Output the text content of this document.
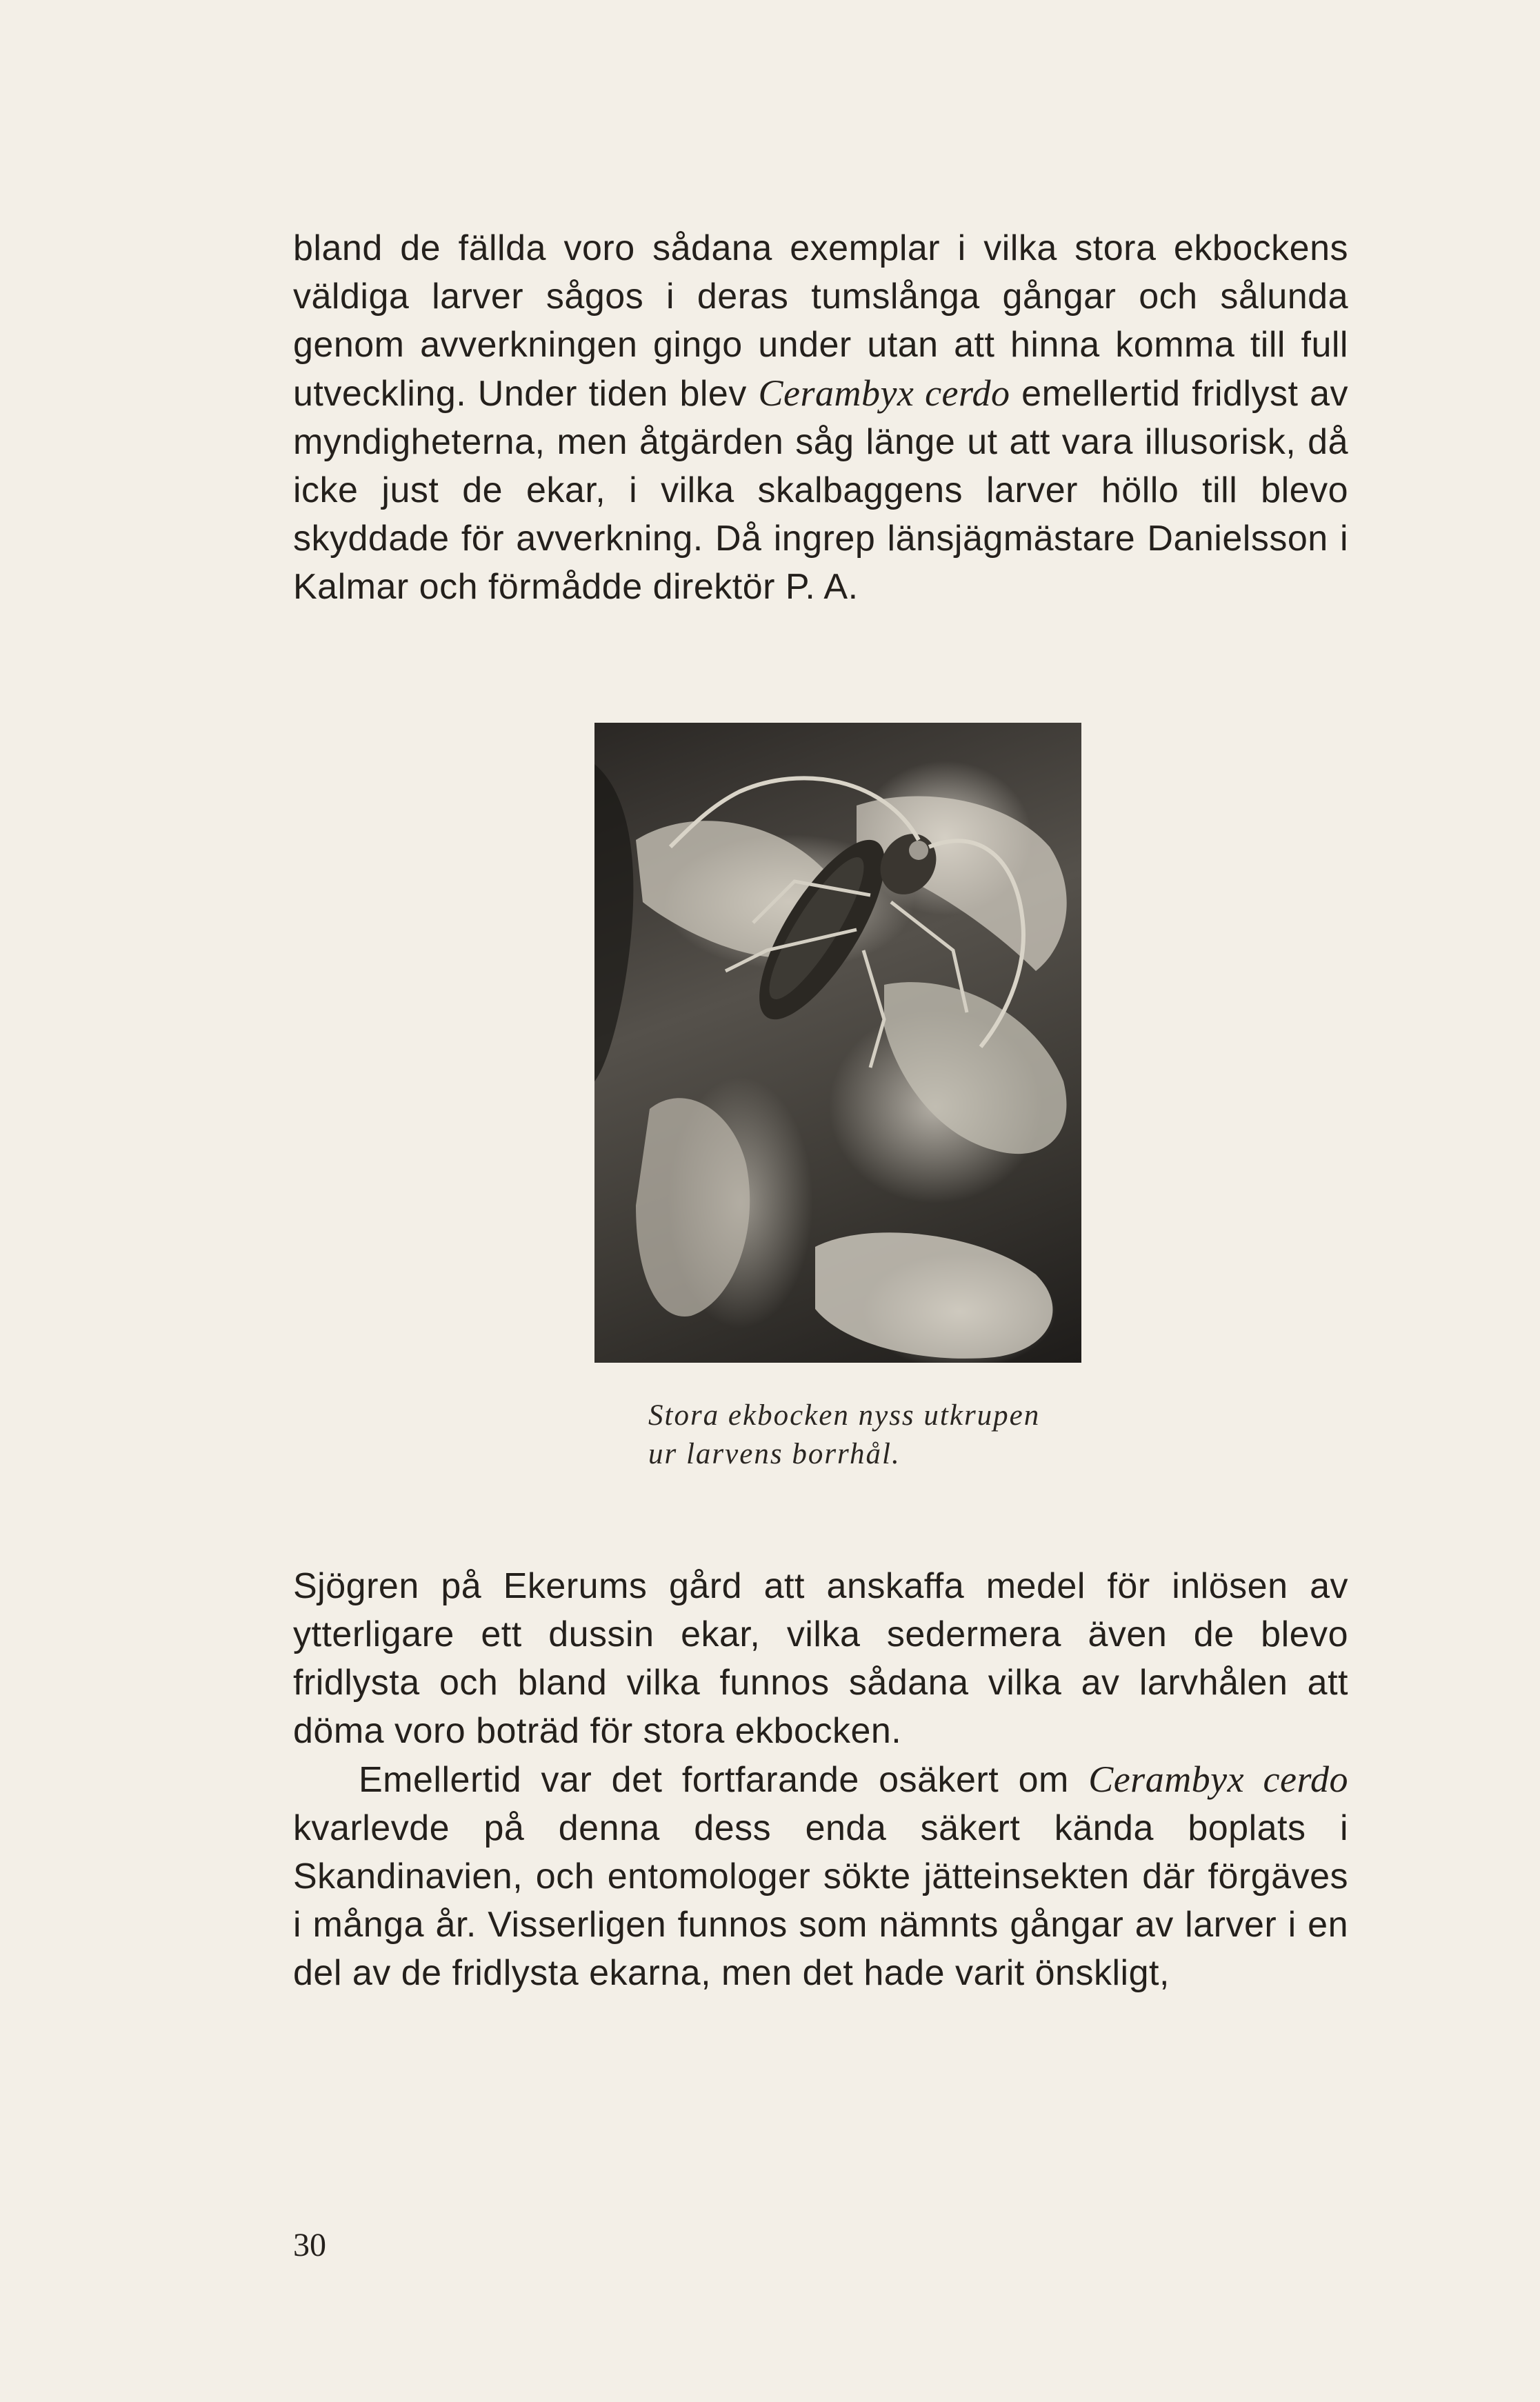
bland de fällda voro sådana exemplar i vilka stora ekbockens väldiga larver sågos i deras tumslånga gångar och sålunda genom avverkningen gingo under utan att hinna komma till full utveckling. Under tiden blev Cerambyx cerdo emellertid fridlyst av myndigheterna, men åtgärden såg länge ut att vara illusorisk, då icke just de ekar, i vilka skalbaggens larver höllo till blevo skyddade för avverkning. Då ingrep länsjägmästare Danielsson i Kalmar och förmådde direktör P. A.

Stora ekbocken nyss utkrupen
ur larvens borrhål.

Sjögren på Ekerums gård att anskaffa medel för inlösen av ytterligare ett dussin ekar, vilka sedermera även de blevo fridlysta och bland vilka funnos sådana vilka av larvhålen att döma voro boträd för stora ekbocken.

Emellertid var det fortfarande osäkert om Cerambyx cerdo kvarlevde på denna dess enda säkert kända boplats i Skandinavien, och entomologer sökte jätteinsekten där förgäves i många år. Visserligen funnos som nämnts gångar av larver i en del av de fridlysta ekarna, men det hade varit önskligt,

30
